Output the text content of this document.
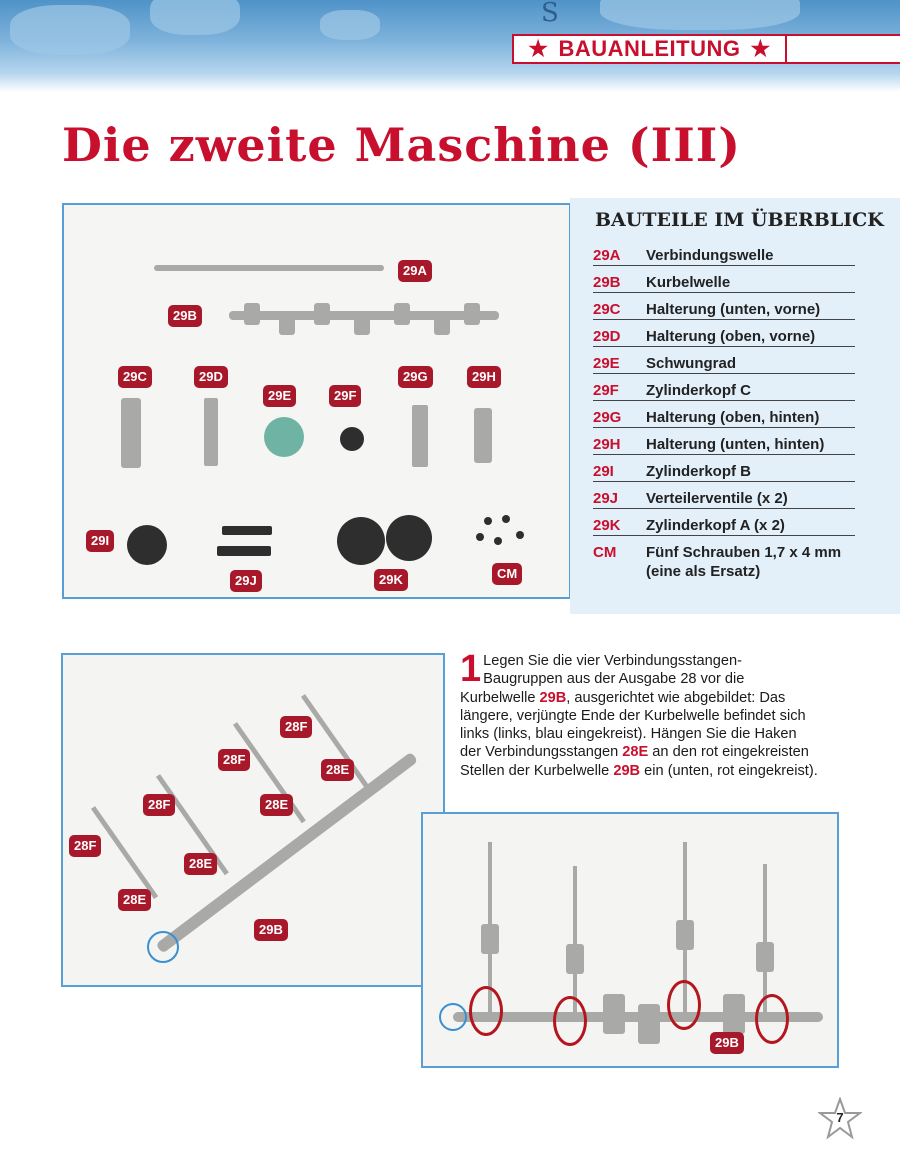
S
★ BAUANLEITUNG ★
Die zweite Maschine (III)
29A
29B
29C	29D
29E	29F
29G	29H
29I
29J	29K	CM
BAUTEILE IM ÜBERBLICK
29A	Verbindungswelle
29B	Kurbelwelle
29C	Halterung (unten, vorne)
29D	Halterung (oben, vorne)
29E	Schwungrad
29F	Zylinderkopf C
29G	Halterung (oben, hinten)
29H	Halterung (unten, hinten)
29I	Zylinderkopf B
29J	Verteilerventile (x 2)
29K	Zylinderkopf A (x 2)
CM	Fünf Schrauben 1,7 x 4 mm
(eine als Ersatz)
1 Legen Sie die vier Verbindungsstangen-Baugruppen aus der Ausgabe 28 vor die Kurbelwelle 29B, ausgerichtet wie abgebildet: Das längere, verjüngte Ende der Kurbelwelle befindet sich links (links, blau eingekreist). Hängen Sie die Haken der Verbindungsstangen 28E an den rot eingekreisten Stellen der Kurbelwelle 29B ein (unten, rot eingekreist).
28F
28F
28F
28F
28E
28E
28E
28E
29B
29B
7
